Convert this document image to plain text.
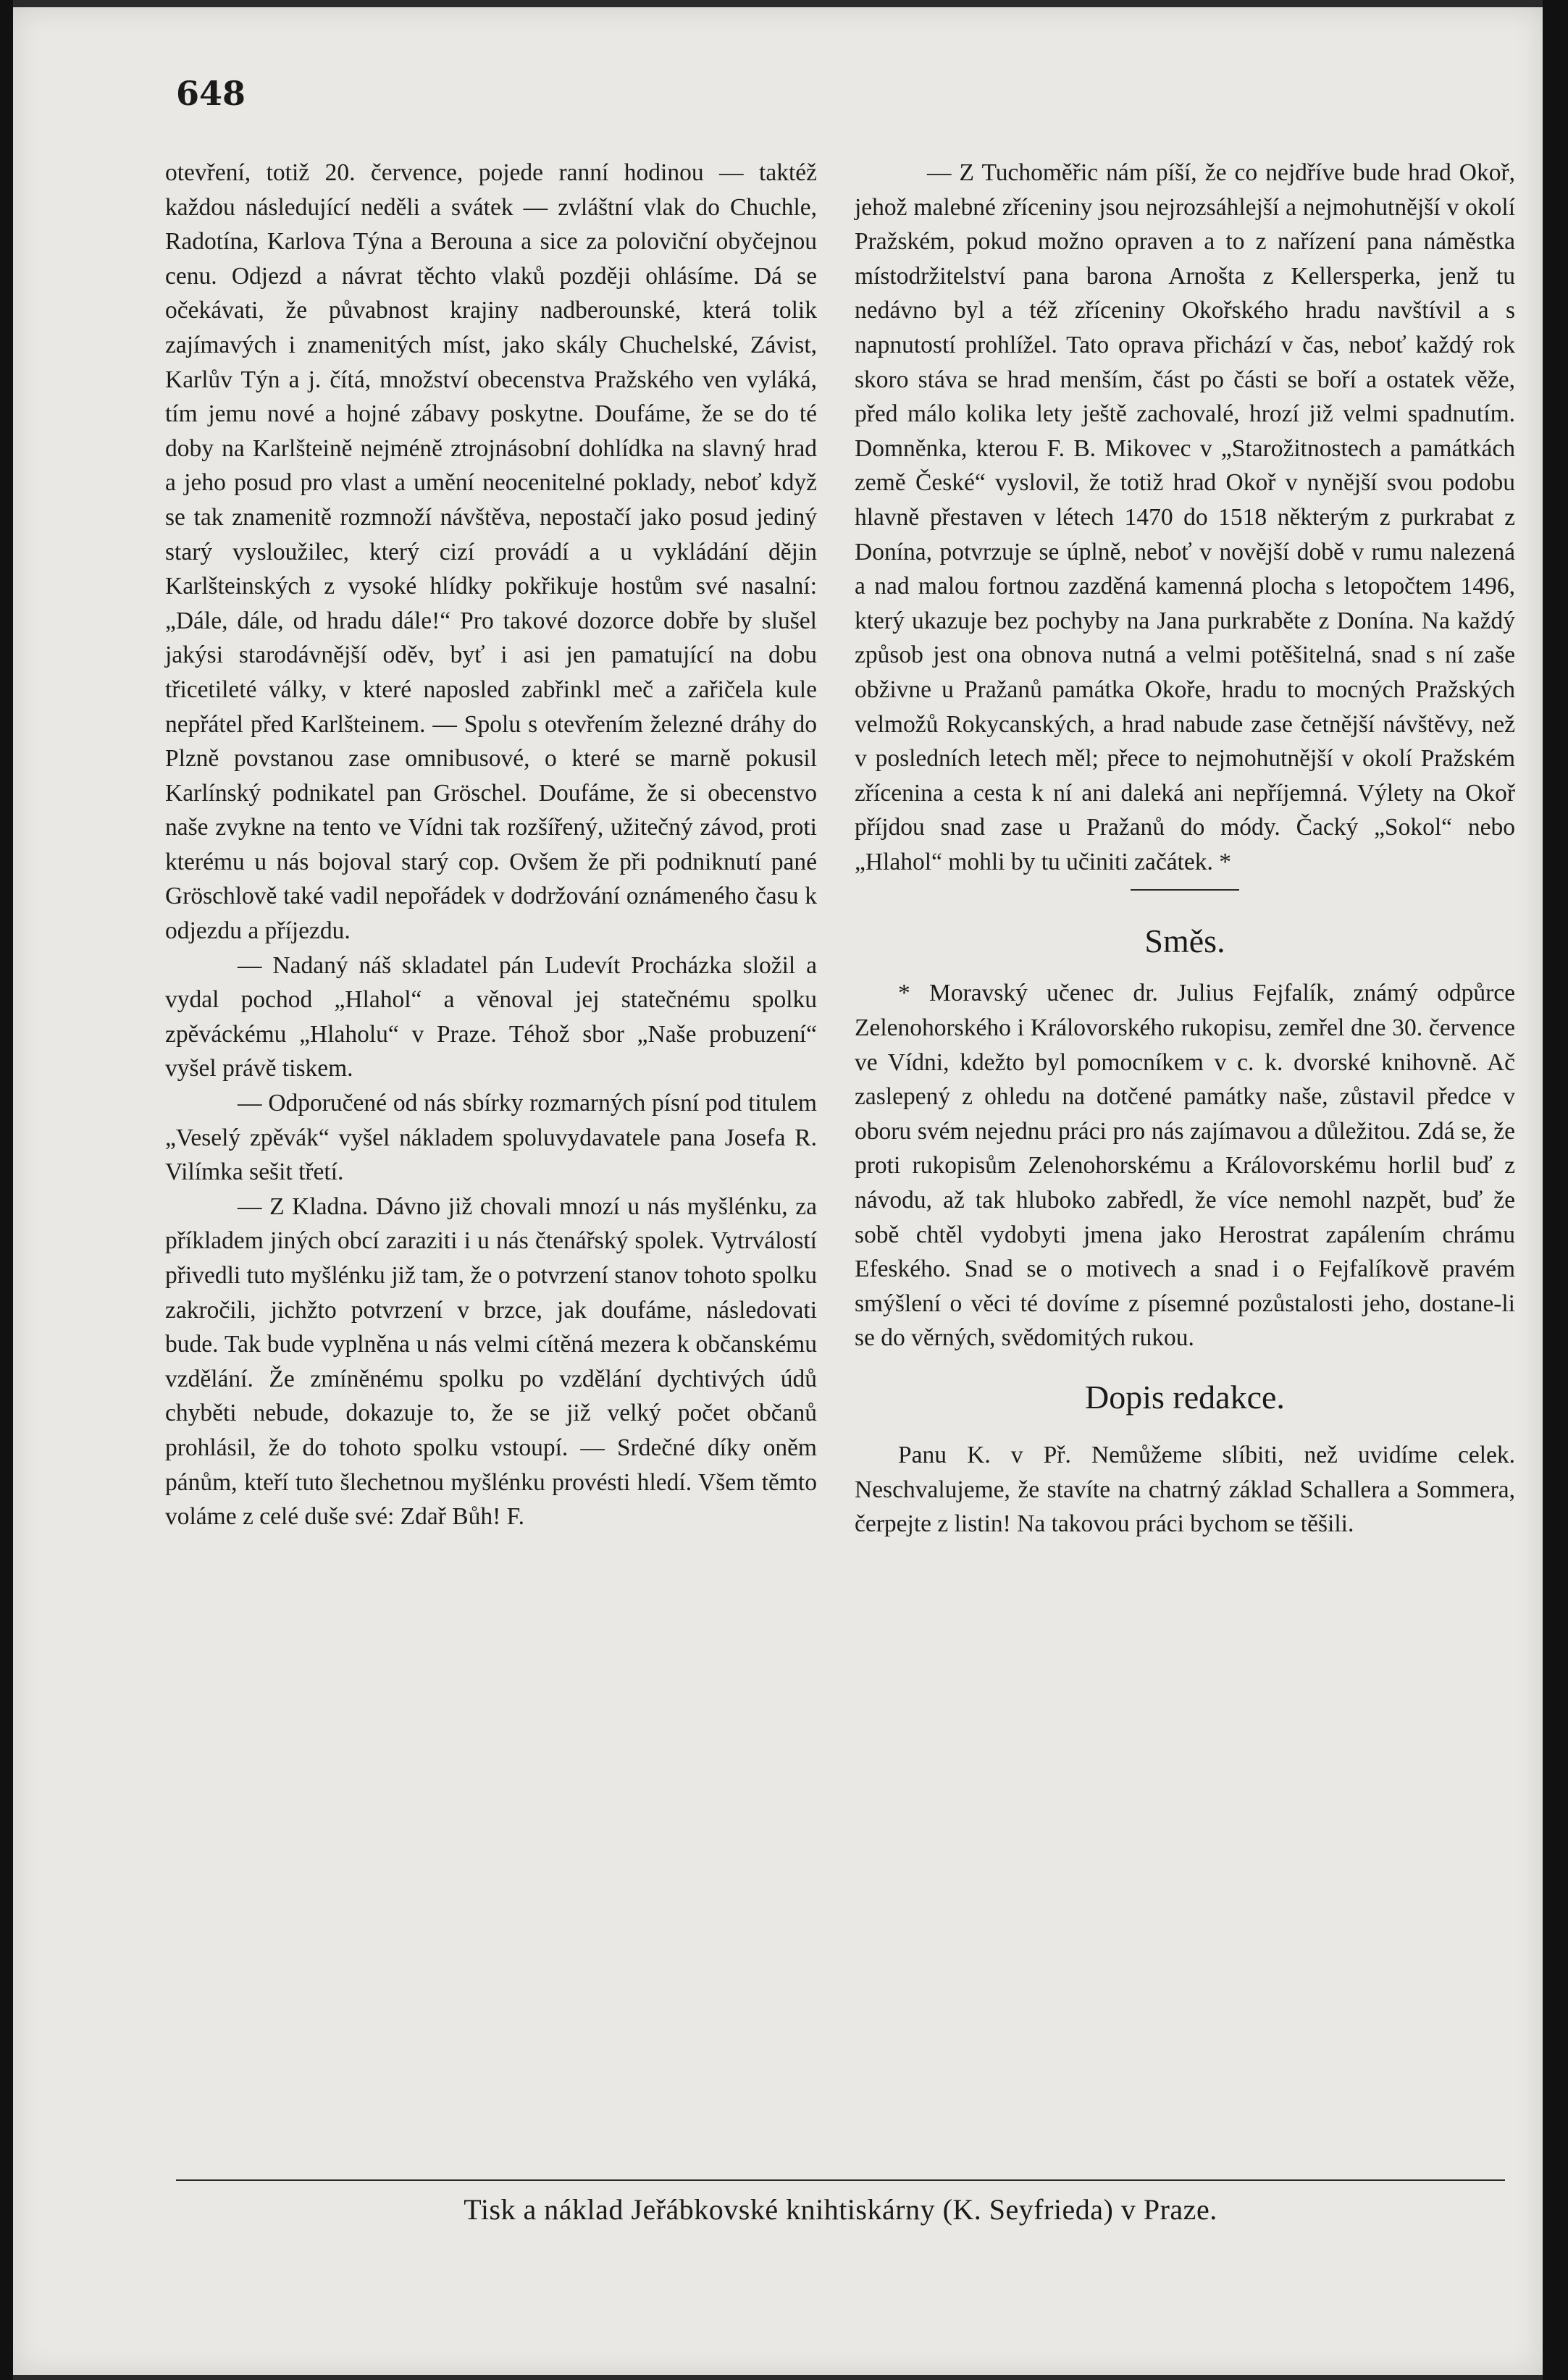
648

otevření, totiž 20. července, pojede ranní hodinou — taktéž každou následující neděli a svátek — zvláštní vlak do Chuchle, Radotína, Karlova Týna a Berouna a sice za poloviční obyčejnou cenu. Odjezd a návrat těchto vlaků později ohlásíme. Dá se očekávati, že půvabnost krajiny nadberounské, která tolik zajímavých i znamenitých míst, jako skály Chuchelské, Závist, Karlův Týn a j. čítá, množství obecenstva Pražského ven vyláká, tím jemu nové a hojné zábavy poskytne. Doufáme, že se do té doby na Karlšteině nejméně ztrojnásobní dohlídka na slavný hrad a jeho posud pro vlast a umění neocenitelné poklady, neboť když se tak znamenitě rozmnoží návštěva, nepostačí jako posud jediný starý vysloužilec, který cizí provádí a u vykládání dějin Karlšteinských z vysoké hlídky pokřikuje hostům své nasalní: „Dále, dále, od hradu dále!“ Pro takové dozorce dobře by slušel jakýsi starodávnější oděv, byť i asi jen pamatující na dobu třicetileté války, v které naposled zabřinkl meč a zařičela kule nepřátel před Karlšteinem. — Spolu s otevřením železné dráhy do Plzně povstanou zase omnibusové, o které se marně pokusil Karlínský podnikatel pan Gröschel. Doufáme, že si obecenstvo naše zvykne na tento ve Vídni tak rozšířený, užitečný závod, proti kterému u nás bojoval starý cop. Ovšem že při podniknutí pané Gröschlově také vadil nepořádek v dodržování oznámeného času k odjezdu a příjezdu.

— Nadaný náš skladatel pán Ludevít Procházka složil a vydal pochod „Hlahol“ a věnoval jej statečnému spolku zpěváckému „Hlaholu“ v Praze. Téhož sbor „Naše probuzení“ vyšel právě tiskem.

— Odporučené od nás sbírky rozmarných písní pod titulem „Veselý zpěvák“ vyšel nákladem spoluvydavatele pana Josefa R. Vilímka sešit třetí.

— Z Kladna. Dávno již chovali mnozí u nás myšlénku, za příkladem jiných obcí zaraziti i u nás čtenářský spolek. Vytrválostí přivedli tuto myšlénku již tam, že o potvrzení stanov tohoto spolku zakročili, jichžto potvrzení v brzce, jak doufáme, následovati bude. Tak bude vyplněna u nás velmi cítěná mezera k občanskému vzdělání. Že zmíněnému spolku po vzdělání dychtivých údů chyběti nebude, dokazuje to, že se již velký počet občanů prohlásil, že do tohoto spolku vstoupí. — Srdečné díky oněm pánům, kteří tuto šlechetnou myšlénku provésti hledí. Všem těmto voláme z celé duše své: Zdař Bůh! F.

— Z Tuchoměřic nám píší, že co nejdříve bude hrad Okoř, jehož malebné zříceniny jsou nejrozsáhlejší a nejmohutnější v okolí Pražském, pokud možno opraven a to z nařízení pana náměstka místodržitelství pana barona Arnošta z Kellersperka, jenž tu nedávno byl a též zříceniny Okořského hradu navštívil a s napnutostí prohlížel. Tato oprava přichází v čas, neboť každý rok skoro stáva se hrad menším, část po části se boří a ostatek věže, před málo kolika lety ještě zachovalé, hrozí již velmi spadnutím. Domněnka, kterou F. B. Mikovec v „Starožitnostech a památkách země České“ vyslovil, že totiž hrad Okoř v nynější svou podobu hlavně přestaven v létech 1470 do 1518 některým z purkrabat z Donína, potvrzuje se úplně, neboť v novější době v rumu nalezená a nad malou fortnou zazděná kamenná plocha s letopočtem 1496, který ukazuje bez pochyby na Jana purkraběte z Donína. Na každý způsob jest ona obnova nutná a velmi potěšitelná, snad s ní zaše obživne u Pražanů památka Okoře, hradu to mocných Pražských velmožů Rokycanských, a hrad nabude zase četnější návštěvy, než v posledních letech měl; přece to nejmohutnější v okolí Pražském zřícenina a cesta k ní ani daleká ani nepříjemná. Výlety na Okoř příjdou snad zase u Pražanů do módy. Čacký „Sokol“ nebo „Hlahol“ mohli by tu učiniti začátek. *

Směs.

* Moravský učenec dr. Julius Fejfalík, známý odpůrce Zelenohorského i Královorského rukopisu, zemřel dne 30. července ve Vídni, kdežto byl pomocníkem v c. k. dvorské knihovně. Ač zaslepený z ohledu na dotčené památky naše, zůstavil předce v oboru svém nejednu práci pro nás zajímavou a důležitou. Zdá se, že proti rukopisům Zelenohorskému a Královorskému horlil buď z návodu, až tak hluboko zabředl, že více nemohl nazpět, buď že sobě chtěl vydobyti jmena jako Herostrat zapálením chrámu Efeského. Snad se o motivech a snad i o Fejfalíkově pravém smýšlení o věci té dovíme z písemné pozůstalosti jeho, dostane-li se do věrných, svědomitých rukou.

Dopis redakce.

Panu K. v Př. Nemůžeme slíbiti, než uvidíme celek. Neschvalujeme, že stavíte na chatrný základ Schallera a Sommera, čerpejte z listin! Na takovou práci bychom se těšili.

Tisk a náklad Jeřábkovské knihtiskárny (K. Seyfrieda) v Praze.
